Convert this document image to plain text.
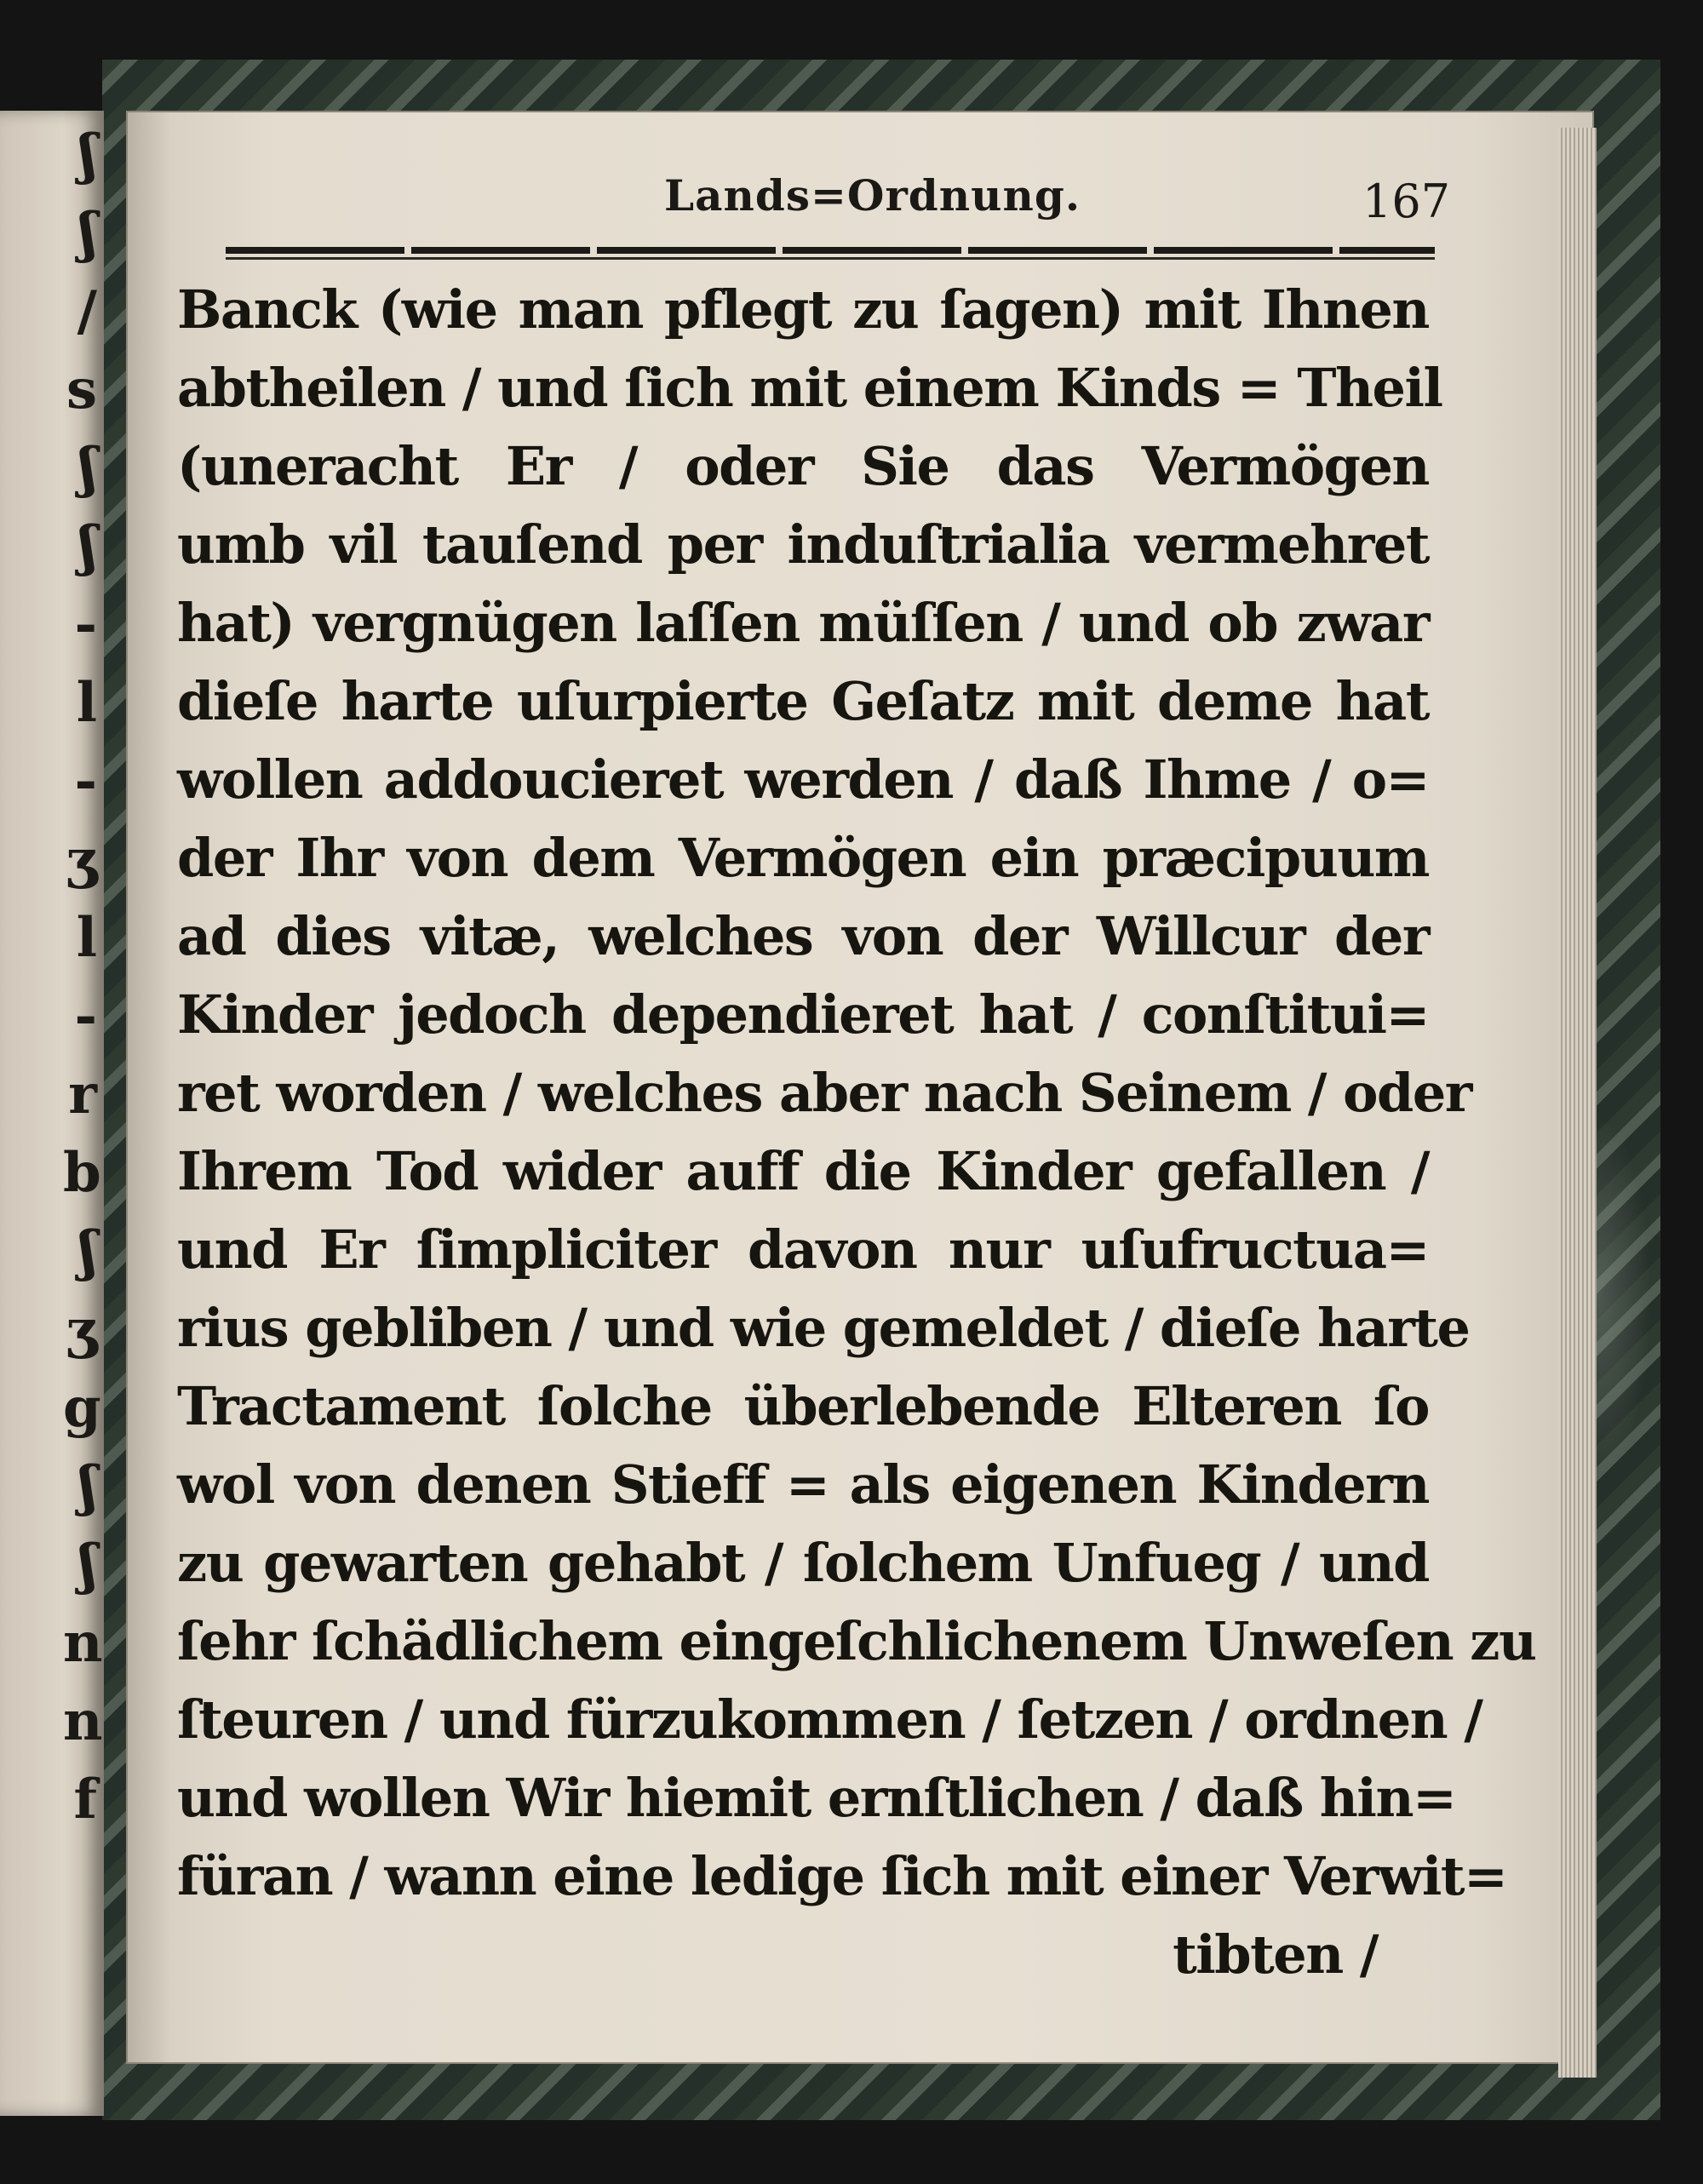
ʃ
ʃ
/
s
ʃ
ʃ
-
l
-
ʒ
l
-
r
b
ʃ
ʒ
g
ʃ
ʃ
n
n
f
Lands=Ordnung.	167
Banck (wie man pflegt zu ſagen) mit Ihnen
abtheilen / und ſich mit einem Kinds = Theil
(uneracht Er / oder Sie das Vermögen
umb vil tauſend per induſtrialia vermehret
hat) vergnügen laſſen müſſen / und ob zwar
dieſe harte uſurpierte Geſatz mit deme hat
wollen addoucieret werden / daß Ihme / o=
der Ihr von dem Vermögen ein præcipuum
ad dies vitæ, welches von der Willcur der
Kinder jedoch dependieret hat / conſtitui=
ret worden / welches aber nach Seinem / oder
Ihrem Tod wider auff die Kinder gefallen /
und Er ſimpliciter davon nur uſufructua=
rius gebliben / und wie gemeldet / dieſe harte
Tractament ſolche überlebende Elteren ſo
wol von denen Stieff = als eigenen Kindern
zu gewarten gehabt / ſolchem Unfueg / und
ſehr ſchädlichem eingeſchlichenem Unweſen zu
ſteuren / und fürzukommen / ſetzen / ordnen /
und wollen Wir hiemit ernſtlichen / daß hin=
füran / wann eine ledige ſich mit einer Verwit=
tibten /
